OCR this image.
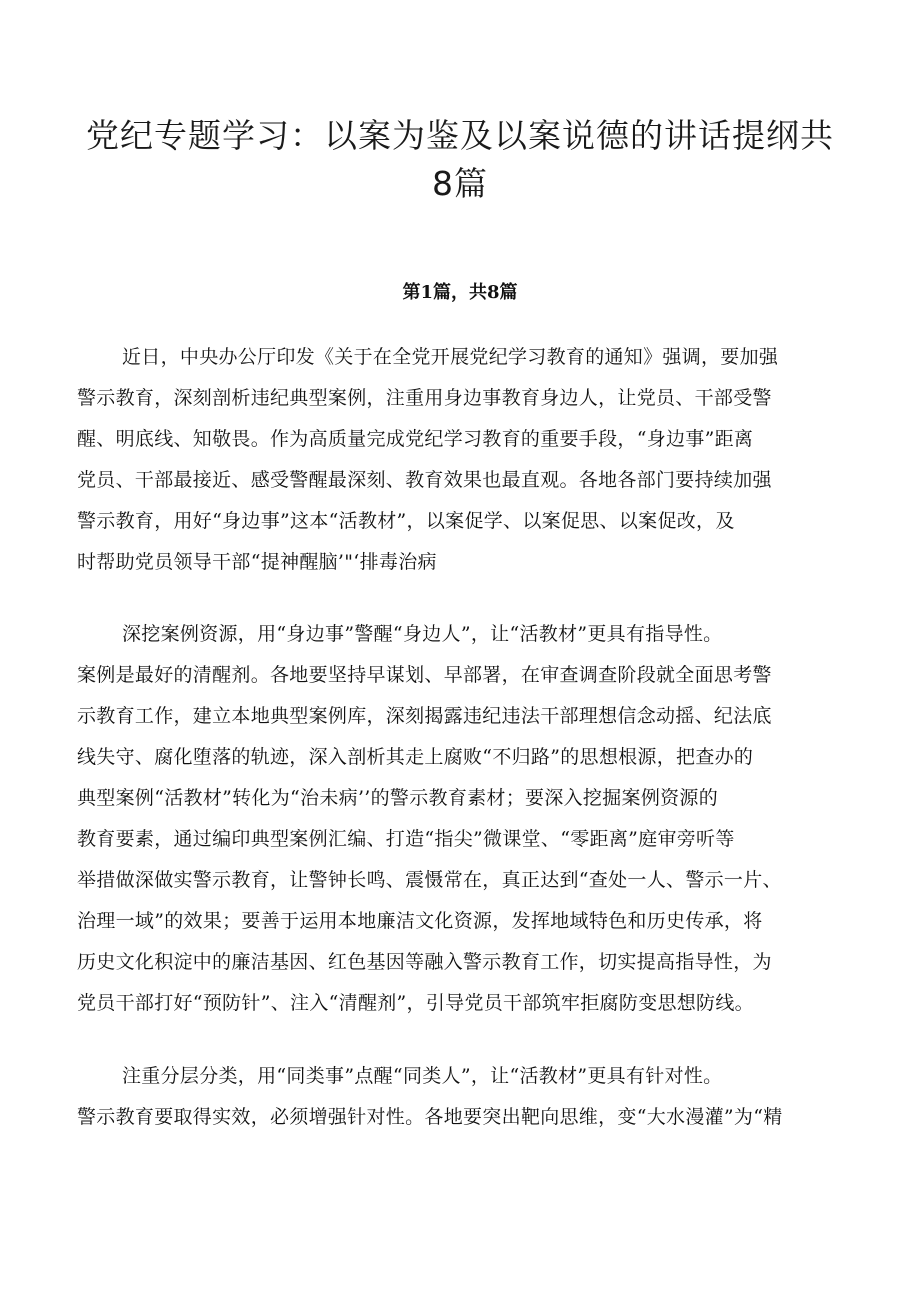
党纪专题学习：以案为鉴及以案说德的讲话提纲共
8篇

第1篇，共8篇

近日，中央办公厅印发《关于在全党开展党纪学习教育的通知》强调，要加强
警示教育，深刻剖析违纪典型案例，注重用身边事教育身边人，让党员、干部受警
醒、明底线、知敬畏。作为高质量完成党纪学习教育的重要手段，“身边事”距离
党员、干部最接近、感受警醒最深刻、教育效果也最直观。各地各部门要持续加强
警示教育，用好“身边事”这本“活教材”，以案促学、以案促思、以案促改，及
时帮助党员领导干部“提神醒脑’"‘排毒治病

深挖案例资源，用“身边事”警醒“身边人”，让“活教材”更具有指导性。
案例是最好的清醒剂。各地要坚持早谋划、早部署，在审查调查阶段就全面思考警
示教育工作，建立本地典型案例库，深刻揭露违纪违法干部理想信念动摇、纪法底
线失守、腐化堕落的轨迹，深入剖析其走上腐败“不归路”的思想根源，把查办的
典型案例“活教材”转化为“治未病’’的警示教育素材；要深入挖掘案例资源的
教育要素，通过编印典型案例汇编、打造“指尖”微课堂、“零距离”庭审旁听等
举措做深做实警示教育，让警钟长鸣、震慑常在，真正达到“查处一人、警示一片、
治理一域”的效果；要善于运用本地廉洁文化资源，发挥地域特色和历史传承，将
历史文化积淀中的廉洁基因、红色基因等融入警示教育工作，切实提高指导性，为
党员干部打好“预防针”、注入“清醒剂”，引导党员干部筑牢拒腐防变思想防线。

注重分层分类，用“同类事”点醒“同类人”，让“活教材”更具有针对性。
警示教育要取得实效，必须增强针对性。各地要突出靶向思维，变“大水漫灌”为“精
